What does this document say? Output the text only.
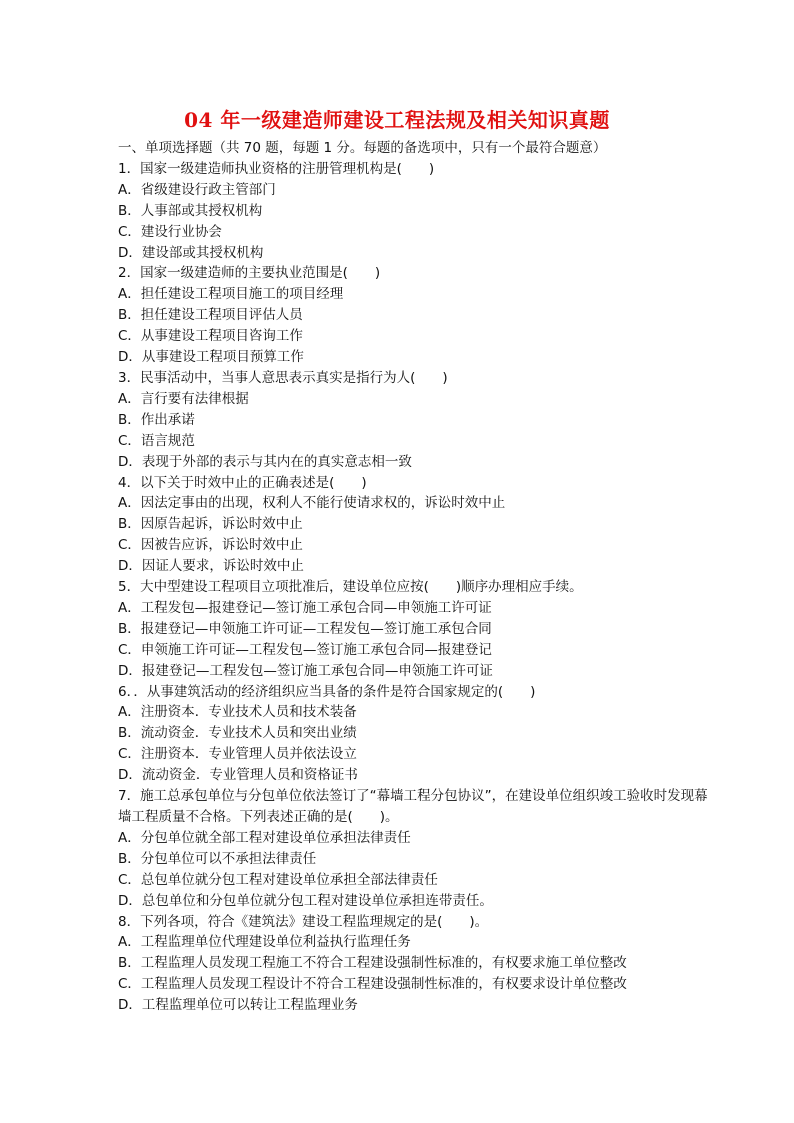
04 年一级建造师建设工程法规及相关知识真题
一、单项选择题（共 70 题，每题 1 分。每题的备选项中，只有一个最符合题意）
1．国家一级建造师执业资格的注册管理机构是(　　)
A．省级建设行政主管部门
B．人事部或其授权机构
C．建设行业协会
D．建设部或其授权机构
2．国家一级建造师的主要执业范围是(　　)
A．担任建设工程项目施工的项目经理
B．担任建设工程项目评估人员
C．从事建设工程项目咨询工作
D．从事建设工程项目预算工作
3．民事活动中，当事人意思表示真实是指行为人(　　)
A．言行要有法律根据
B．作出承诺
C．语言规范
D．表现于外部的表示与其内在的真实意志相一致
4．以下关于时效中止的正确表述是(　　)
A．因法定事由的出现，权利人不能行使请求权的，诉讼时效中止
B．因原告起诉，诉讼时效中止
C．因被告应诉，诉讼时效中止
D．因证人要求，诉讼时效中止
5．大中型建设工程项目立项批准后，建设单位应按(　　)顺序办理相应手续。
A．工程发包—报建登记—签订施工承包合同—申领施工许可证
B．报建登记—申领施工许可证—工程发包—签订施工承包合同
C．申领施工许可证—工程发包—签订施工承包合同—报建登记
D．报建登记—工程发包—签订施工承包合同—申领施工许可证
6．．从事建筑活动的经济组织应当具备的条件是符合国家规定的(　　)
A．注册资本．专业技术人员和技术装备
B．流动资金．专业技术人员和突出业绩
C．注册资本．专业管理人员并依法设立
D．流动资金．专业管理人员和资格证书
7．施工总承包单位与分包单位依法签订了“幕墙工程分包协议”，在建设单位组织竣工验收时发现幕墙工程质量不合格。下列表述正确的是(　　)。
A．分包单位就全部工程对建设单位承担法律责任
B．分包单位可以不承担法律责任
C．总包单位就分包工程对建设单位承担全部法律责任
D．总包单位和分包单位就分包工程对建设单位承担连带责任。
8．下列各项，符合《建筑法》建设工程监理规定的是(　　)。
A．工程监理单位代理建设单位利益执行监理任务
B．工程监理人员发现工程施工不符合工程建设强制性标准的，有权要求施工单位整改
C．工程监理人员发现工程设计不符合工程建设强制性标准的，有权要求设计单位整改
D．工程监理单位可以转让工程监理业务
